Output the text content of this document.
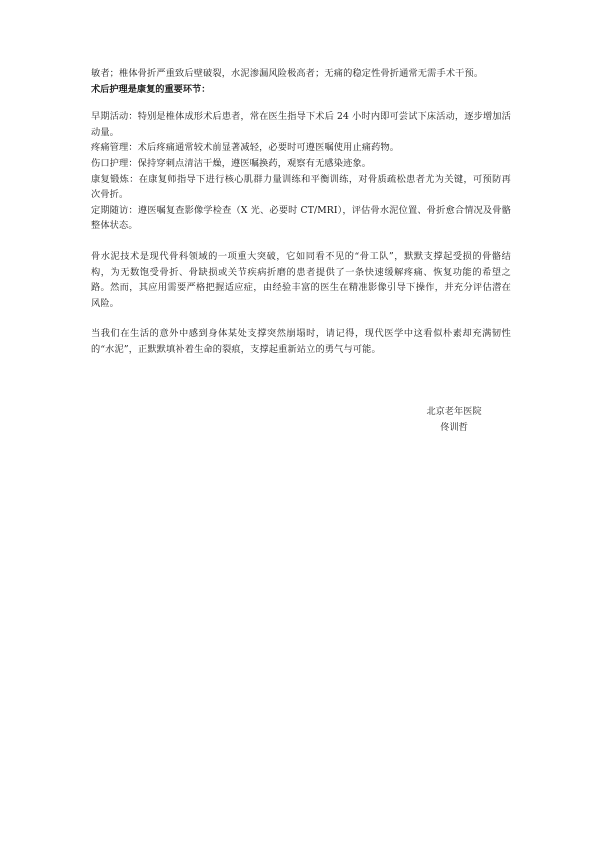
敏者；椎体骨折严重致后壁破裂，水泥渗漏风险极高者；无痛的稳定性骨折通常无需手术干预。

术后护理是康复的重要环节：

早期活动：特别是椎体成形术后患者，常在医生指导下术后 24 小时内即可尝试下床活动，逐步增加活动量。
疼痛管理：术后疼痛通常较术前显著减轻，必要时可遵医嘱使用止痛药物。
伤口护理：保持穿刺点清洁干燥，遵医嘱换药，观察有无感染迹象。
康复锻炼：在康复师指导下进行核心肌群力量训练和平衡训练，对骨质疏松患者尤为关键，可预防再次骨折。
定期随访：遵医嘱复查影像学检查（X 光、必要时 CT/MRI），评估骨水泥位置、骨折愈合情况及骨骼整体状态。

骨水泥技术是现代骨科领域的一项重大突破，它如同看不见的“骨工队”，默默支撑起受损的骨骼结构，为无数饱受骨折、骨缺损或关节疾病折磨的患者提供了一条快速缓解疼痛、恢复功能的希望之路。然而，其应用需要严格把握适应症，由经验丰富的医生在精准影像引导下操作，并充分评估潜在风险。

当我们在生活的意外中感到身体某处支撑突然崩塌时，请记得，现代医学中这看似朴素却充满韧性的“水泥”，正默默填补着生命的裂痕，支撑起重新站立的勇气与可能。

北京老年医院
佟训哲
